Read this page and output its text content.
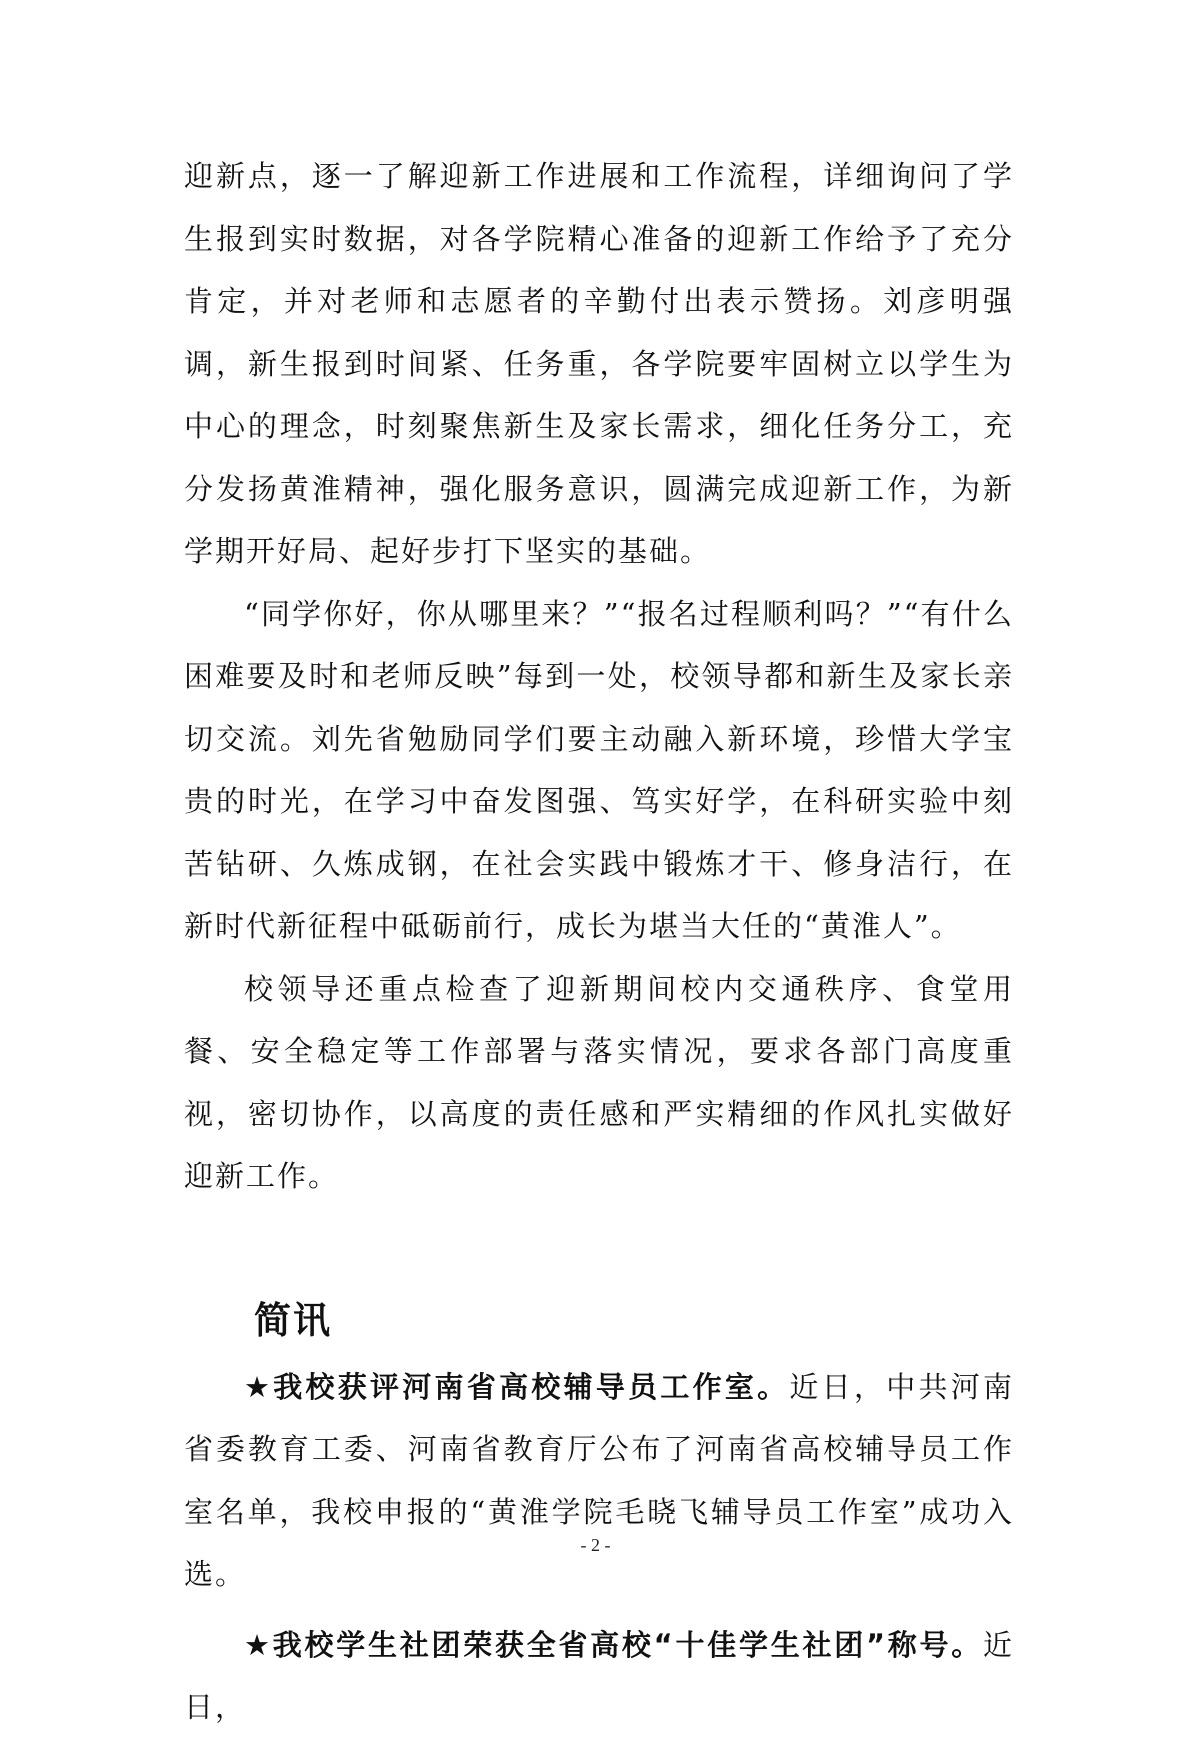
迎新点，逐一了解迎新工作进展和工作流程，详细询问了学生报到实时数据，对各学院精心准备的迎新工作给予了充分肯定，并对老师和志愿者的辛勤付出表示赞扬。刘彦明强调，新生报到时间紧、任务重，各学院要牢固树立以学生为中心的理念，时刻聚焦新生及家长需求，细化任务分工，充分发扬黄淮精神，强化服务意识，圆满完成迎新工作，为新学期开好局、起好步打下坚实的基础。

“同学你好，你从哪里来？”“报名过程顺利吗？”“有什么困难要及时和老师反映”每到一处，校领导都和新生及家长亲切交流。刘先省勉励同学们要主动融入新环境，珍惜大学宝贵的时光，在学习中奋发图强、笃实好学，在科研实验中刻苦钻研、久炼成钢，在社会实践中锻炼才干、修身洁行，在新时代新征程中砥砺前行，成长为堪当大任的“黄淮人”。

校领导还重点检查了迎新期间校内交通秩序、食堂用餐、安全稳定等工作部署与落实情况，要求各部门高度重视，密切协作，以高度的责任感和严实精细的作风扎实做好迎新工作。

简讯

★我校获评河南省高校辅导员工作室。近日，中共河南省委教育工委、河南省教育厅公布了河南省高校辅导员工作室名单，我校申报的“黄淮学院毛晓飞辅导员工作室”成功入选。

★我校学生社团荣获全省高校“十佳学生社团”称号。近日，

- 2 -
